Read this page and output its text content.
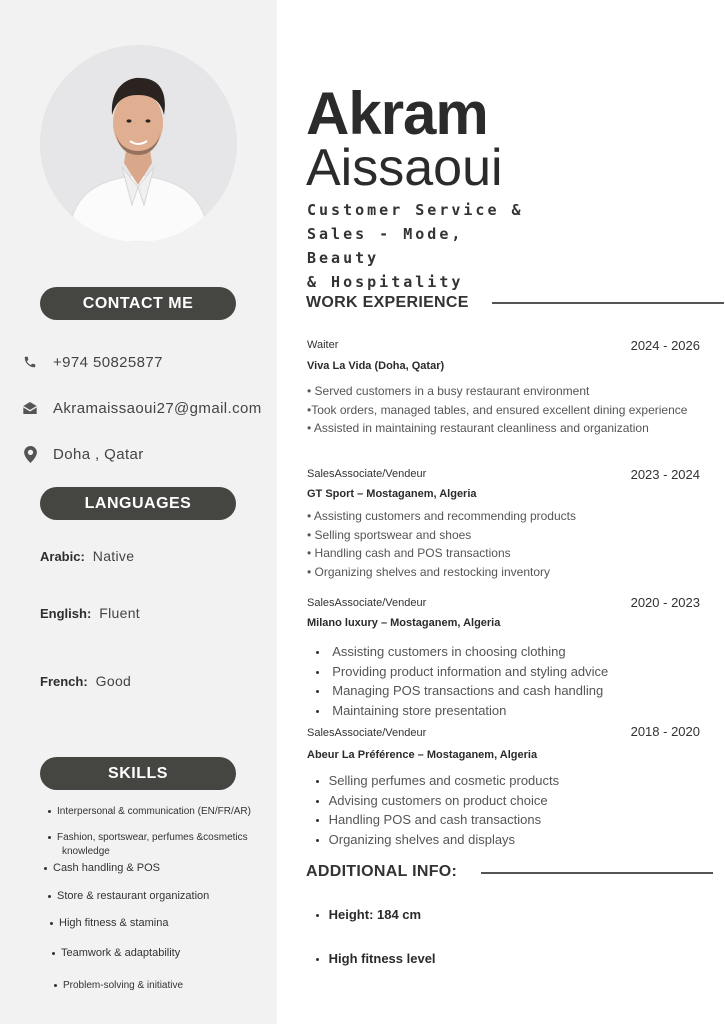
CONTACT ME
+974 50825877
Akramaissaoui27@gmail.com
Doha , Qatar
LANGUAGES
Arabic: Native
English: Fluent
French: Good
SKILLS
Interpersonal & communication (EN/FR/AR)
Fashion, sportswear, perfumes &cosmetics
knowledge
Cash handling & POS
Store & restaurant organization
High fitness & stamina
Teamwork & adaptability
Problem-solving & initiative
Akram
Aissaoui
Customer Service &
Sales - Mode, Beauty
& Hospitality
WORK EXPERIENCE
Waiter	2024 - 2026
Viva La Vida (Doha, Qatar)
• Served customers in a busy restaurant environment
•Took orders, managed tables, and ensured excellent dining experience
• Assisted in maintaining restaurant cleanliness and organization
SalesAssociate/Vendeur	2023 - 2024
GT Sport – Mostaganem, Algeria
• Assisting customers and recommending products
• Selling sportswear and shoes
• Handling cash and POS transactions
• Organizing shelves and restocking inventory
SalesAssociate/Vendeur	2020 - 2023
Milano luxury – Mostaganem, Algeria
Assisting customers in choosing clothing
Providing product information and styling advice
Managing POS transactions and cash handling
Maintaining store presentation
SalesAssociate/Vendeur	2018 - 2020
Abeur La Préférence – Mostaganem, Algeria
Selling perfumes and cosmetic products
Advising customers on product choice
Handling POS and cash transactions
Organizing shelves and displays
ADDITIONAL INFO:
Height: 184 cm
High fitness level
